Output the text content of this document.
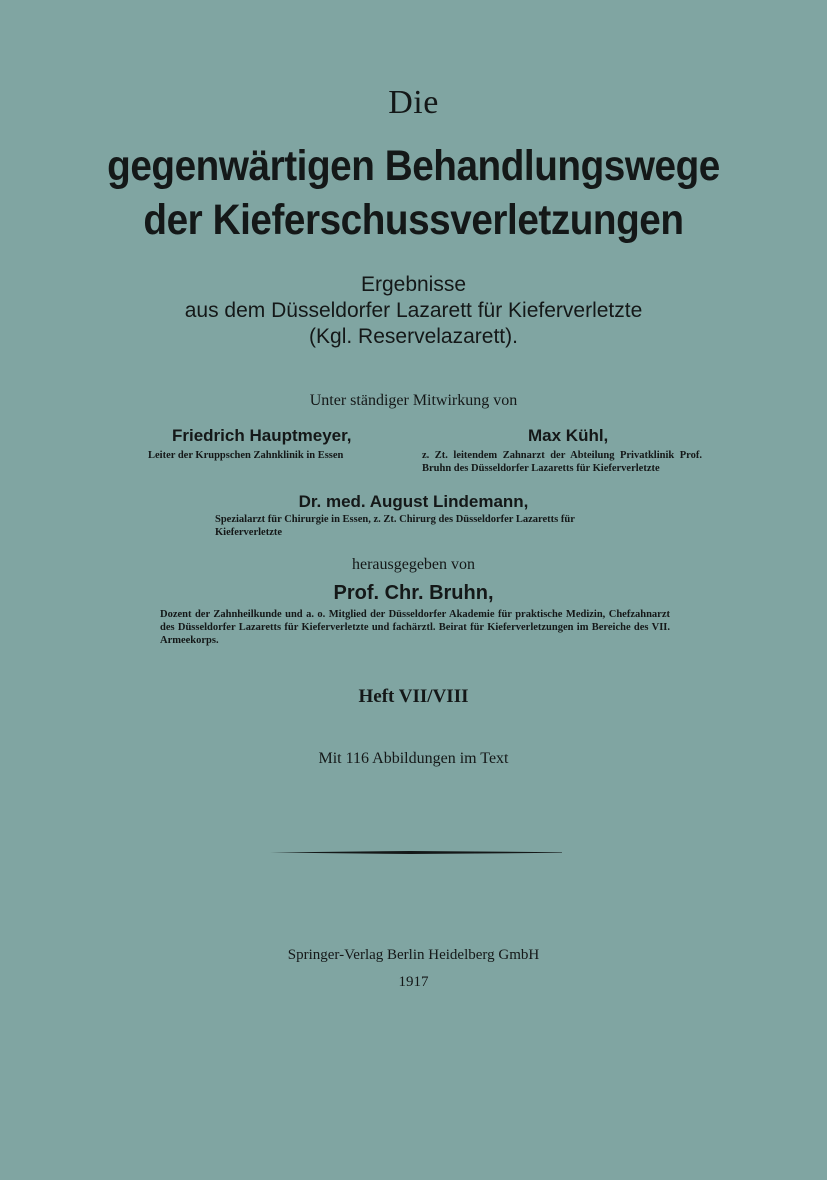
Die
gegenwärtigen Behandlungswege
der Kieferschussverletzungen
Ergebnisse
aus dem Düsseldorfer Lazarett für Kieferverletzte
(Kgl. Reservelazarett).
Unter ständiger Mitwirkung von
Friedrich Hauptmeyer,
Leiter der Kruppschen Zahnklinik in Essen
Max Kühl,
z. Zt. leitendem Zahnarzt der Abteilung Privatklinik Prof. Bruhn des Düsseldorfer Lazaretts für Kieferverletzte
Dr. med. August Lindemann,
Spezialarzt für Chirurgie in Essen, z. Zt. Chirurg des Düsseldorfer Lazaretts für Kieferverletzte
herausgegeben von
Prof. Chr. Bruhn,
Dozent der Zahnheilkunde und a. o. Mitglied der Düsseldorfer Akademie für praktische Medizin, Chefzahnarzt des Düsseldorfer Lazaretts für Kieferverletzte und fachärztl. Beirat für Kieferverletzungen im Bereiche des VII. Armeekorps.
Heft VII/VIII
Mit 116 Abbildungen im Text
Springer-Verlag Berlin Heidelberg GmbH
1917
